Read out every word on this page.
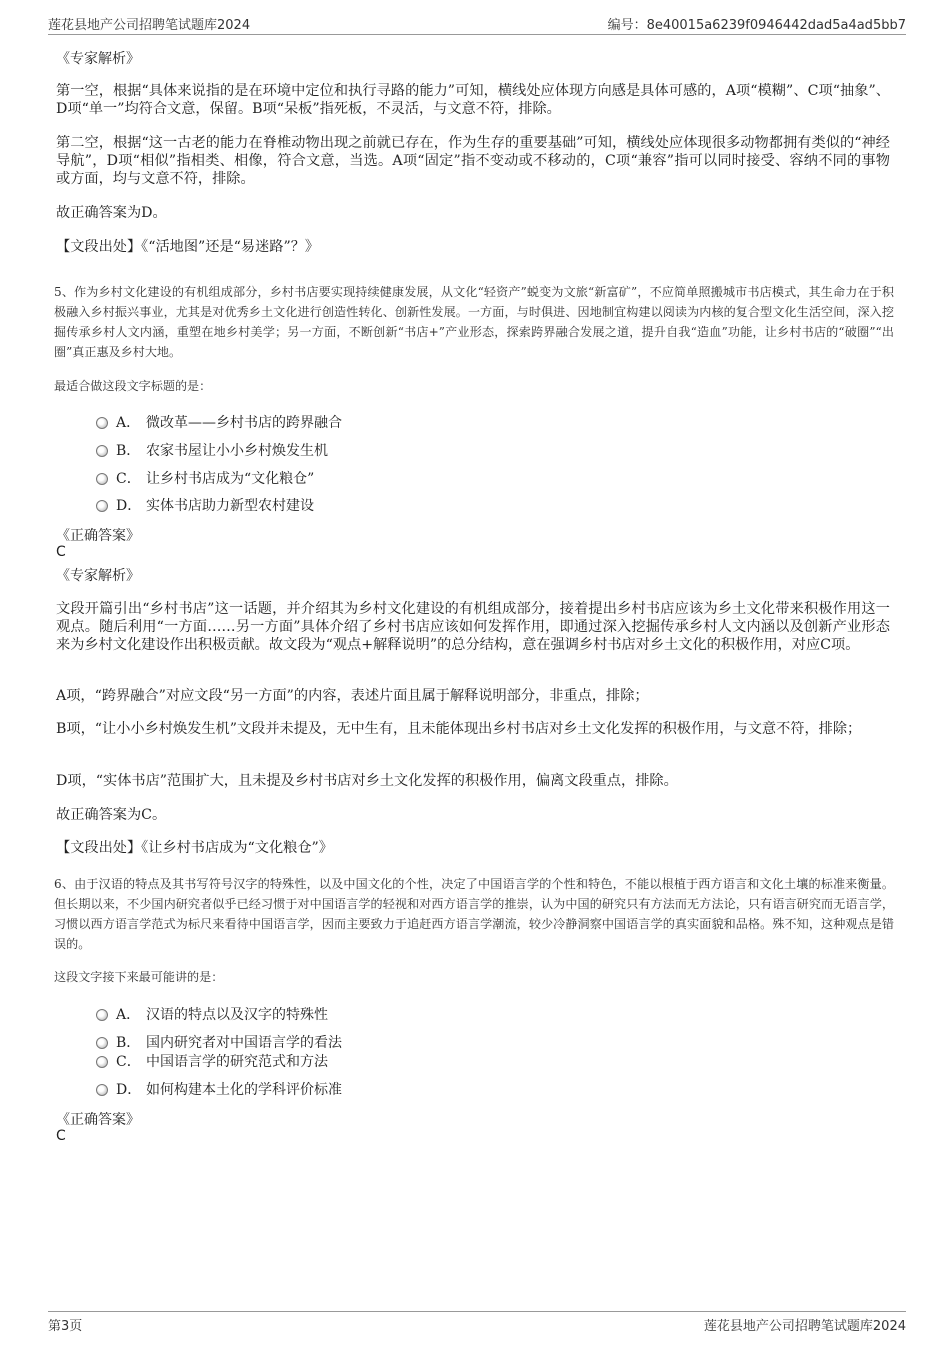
莲花县地产公司招聘笔试题库2024	编号：8e40015a6239f0946442dad5a4ad5bb7
《专家解析》
第一空，根据“具体来说指的是在环境中定位和执行寻路的能力”可知，横线处应体现方向感是具体可感的，A项“模糊”、C项“抽象”、D项“单一”均符合文意，保留。B项“呆板”指死板，不灵活，与文意不符，排除。
第二空，根据“这一古老的能力在脊椎动物出现之前就已存在，作为生存的重要基础”可知，横线处应体现很多动物都拥有类似的“神经导航”，D项“相似”指相类、相像，符合文意，当选。A项“固定”指不变动或不移动的，C项“兼容”指可以同时接受、容纳不同的事物或方面，均与文意不符，排除。
故正确答案为D。
【文段出处】《“活地图”还是“易迷路”？》
5、作为乡村文化建设的有机组成部分，乡村书店要实现持续健康发展，从文化“轻资产”蜕变为文旅“新富矿”，不应简单照搬城市书店模式，其生命力在于积极融入乡村振兴事业，尤其是对优秀乡土文化进行创造性转化、创新性发展。一方面，与时俱进、因地制宜构建以阅读为内核的复合型文化生活空间，深入挖掘传承乡村人文内涵，重塑在地乡村美学；另一方面，不断创新“书店+”产业形态，探索跨界融合发展之道，提升自我“造血”功能，让乡村书店的“破圈”“出圈”真正惠及乡村大地。
最适合做这段文字标题的是：
A． 微改革——乡村书店的跨界融合
B． 农家书屋让小小乡村焕发生机
C． 让乡村书店成为“文化粮仓”
D． 实体书店助力新型农村建设
《正确答案》
C
《专家解析》
文段开篇引出“乡村书店”这一话题，并介绍其为乡村文化建设的有机组成部分，接着提出乡村书店应该为乡土文化带来积极作用这一观点。随后利用“一方面……另一方面”具体介绍了乡村书店应该如何发挥作用，即通过深入挖掘传承乡村人文内涵以及创新产业形态来为乡村文化建设作出积极贡献。故文段为“观点+解释说明”的总分结构，意在强调乡村书店对乡土文化的积极作用，对应C项。
A项，“跨界融合”对应文段“另一方面”的内容，表述片面且属于解释说明部分，非重点，排除；
B项，“让小小乡村焕发生机”文段并未提及，无中生有，且未能体现出乡村书店对乡土文化发挥的积极作用，与文意不符，排除；
D项，“实体书店”范围扩大，且未提及乡村书店对乡土文化发挥的积极作用，偏离文段重点，排除。
故正确答案为C。
【文段出处】《让乡村书店成为“文化粮仓”》
6、由于汉语的特点及其书写符号汉字的特殊性，以及中国文化的个性，决定了中国语言学的个性和特色，不能以根植于西方语言和文化土壤的标准来衡量。但长期以来，不少国内研究者似乎已经习惯于对中国语言学的轻视和对西方语言学的推崇，认为中国的研究只有方法而无方法论，只有语言研究而无语言学，习惯以西方语言学范式为标尺来看待中国语言学，因而主要致力于追赶西方语言学潮流，较少冷静洞察中国语言学的真实面貌和品格。殊不知，这种观点是错误的。
这段文字接下来最可能讲的是：
A． 汉语的特点以及汉字的特殊性
B． 国内研究者对中国语言学的看法
C． 中国语言学的研究范式和方法
D． 如何构建本土化的学科评价标准
《正确答案》
C
第3页	莲花县地产公司招聘笔试题库2024
